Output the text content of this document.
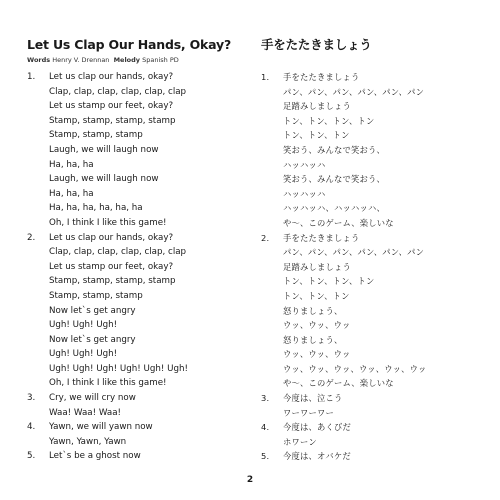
Let Us Clap Our Hands, Okay?
Words Henry V. Drennan Melody Spanish PD
1. Let us clap our hands, okay?
Clap, clap, clap, clap, clap, clap
Let us stamp our feet, okay?
Stamp, stamp, stamp, stamp
Stamp, stamp, stamp
Laugh, we will laugh now
Ha, ha, ha
Laugh, we will laugh now
Ha, ha, ha
Ha, ha, ha, ha, ha, ha
Oh, I think I like this game!
2. Let us clap our hands, okay?
Clap, clap, clap, clap, clap, clap
Let us stamp our feet, okay?
Stamp, stamp, stamp, stamp
Stamp, stamp, stamp
Now let`s get angry
Ugh! Ugh! Ugh!
Now let`s get angry
Ugh! Ugh! Ugh!
Ugh! Ugh! Ugh! Ugh! Ugh! Ugh!
Oh, I think I like this game!
3. Cry, we will cry now
Waa! Waa! Waa!
4. Yawn, we will yawn now
Yawn, Yawn, Yawn
5. Let`s be a ghost now
手をたたきましょう

1. 手をたたきましょう
パン、パン、パン、パン、パン、パン
足踏みしましょう
トン、トン、トン、トン
トン、トン、トン
笑おう、みんなで笑おう、
ハッハッハ
笑おう、みんなで笑おう、
ハッハッハ
ハッハッハ、ハッハッハ、
や～、このゲーム、楽しいな
2. 手をたたきましょう
パン、パン、パン、パン、パン、パン
足踏みしましょう
トン、トン、トン、トン
トン、トン、トン
怒りましょう、
ウッ、ウッ、ウッ
怒りましょう、
ウッ、ウッ、ウッ
ウッ、ウッ、ウッ、ウッ、ウッ、ウッ
や～、このゲーム、楽しいな
3. 今度は、泣こう
ワーワーワー
4. 今度は、あくびだ
ホワーン
5. 今度は、オバケだ
2
